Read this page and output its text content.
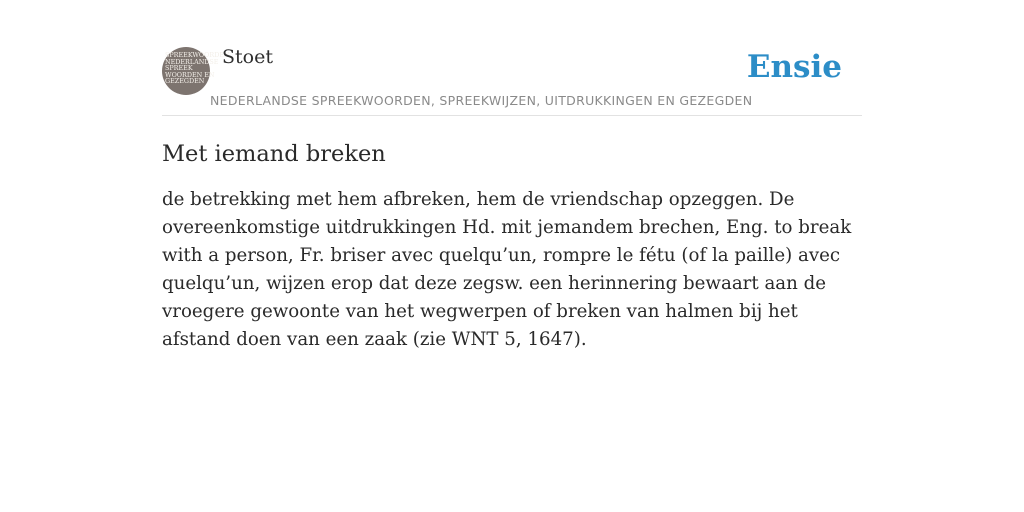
SPREEKWOORDEN
NEDERLANDSE
SPREEK
WOORDEN EN
GEZEGDEN
Stoet
NEDERLANDSE SPREEKWOORDEN, SPREEKWIJZEN, UITDRUKKINGEN EN GEZEGDEN
Ensie
Met iemand breken

de betrekking met hem afbreken, hem de vriendschap opzeggen. De overeenkomstige uitdrukkingen Hd. mit jemandem brechen, Eng. to break with a person, Fr. briser avec quelqu’un, rompre le fétu (of la paille) avec quelqu’un, wijzen erop dat deze zegsw. een herinnering bewaart aan de vroegere gewoonte van het wegwerpen of breken van halmen bij het afstand doen van een zaak (zie WNT 5, 1647).
